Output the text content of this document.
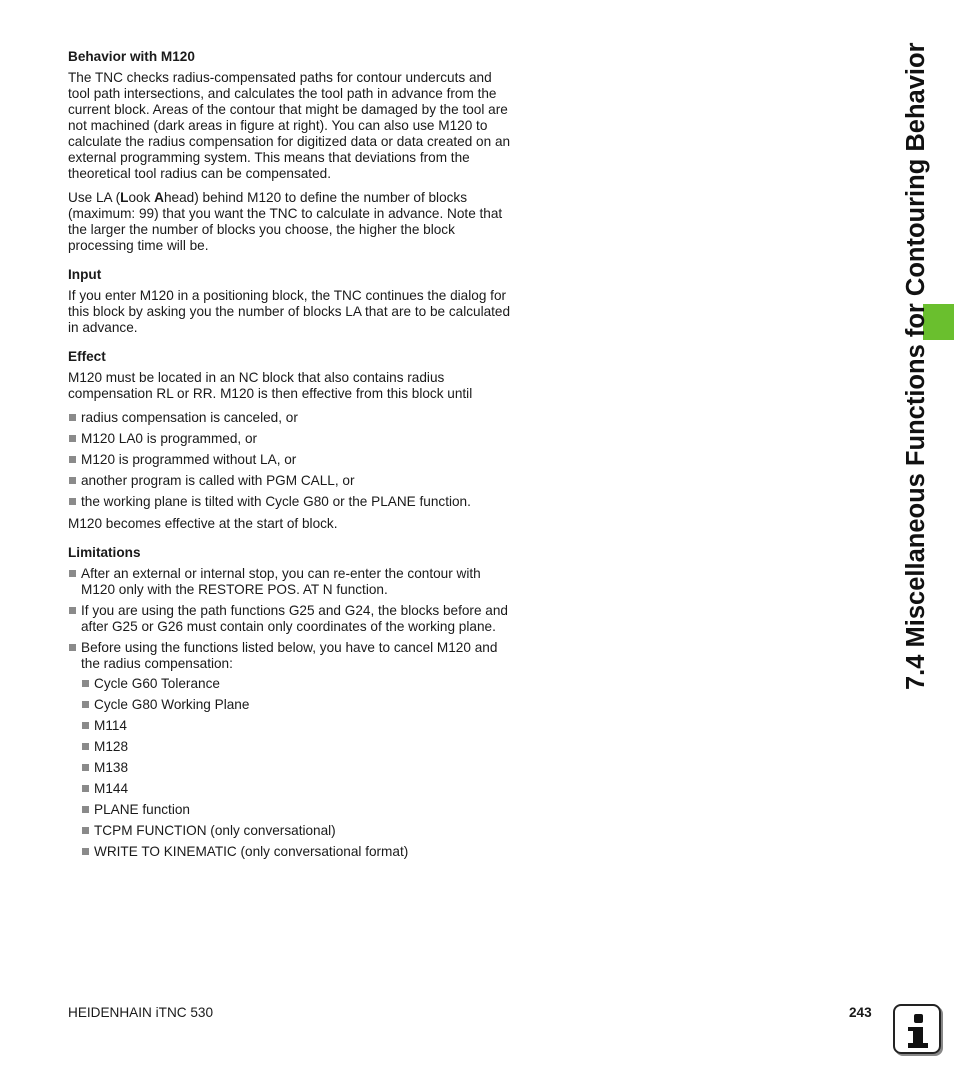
Behavior with M120

The TNC checks radius-compensated paths for contour undercuts and tool path intersections, and calculates the tool path in advance from the current block. Areas of the contour that might be damaged by the tool are not machined (dark areas in figure at right). You can also use M120 to calculate the radius compensation for digitized data or data created on an external programming system. This means that deviations from the theoretical tool radius can be compensated.

Use LA (Look Ahead) behind M120 to define the number of blocks (maximum: 99) that you want the TNC to calculate in advance. Note that the larger the number of blocks you choose, the higher the block processing time will be.

Input

If you enter M120 in a positioning block, the TNC continues the dialog for this block by asking you the number of blocks LA that are to be calculated in advance.

Effect

M120 must be located in an NC block that also contains radius compensation RL or RR. M120 is then effective from this block until

radius compensation is canceled, or
M120 LA0 is programmed, or
M120 is programmed without LA, or
another program is called with PGM CALL, or
the working plane is tilted with Cycle G80 or the PLANE function.

M120 becomes effective at the start of block.

Limitations
After an external or internal stop, you can re-enter the contour with M120 only with the RESTORE POS. AT N function.
If you are using the path functions G25 and G24, the blocks before and after G25 or G26 must contain only coordinates of the working plane.
Before using the functions listed below, you have to cancel M120 and the radius compensation:
Cycle G60 Tolerance
Cycle G80 Working Plane
M114
M128
M138
M144
PLANE function
TCPM FUNCTION (only conversational)
WRITE TO KINEMATIC (only conversational format)
7.4 Miscellaneous Functions for Contouring Behavior
HEIDENHAIN iTNC 530	243
